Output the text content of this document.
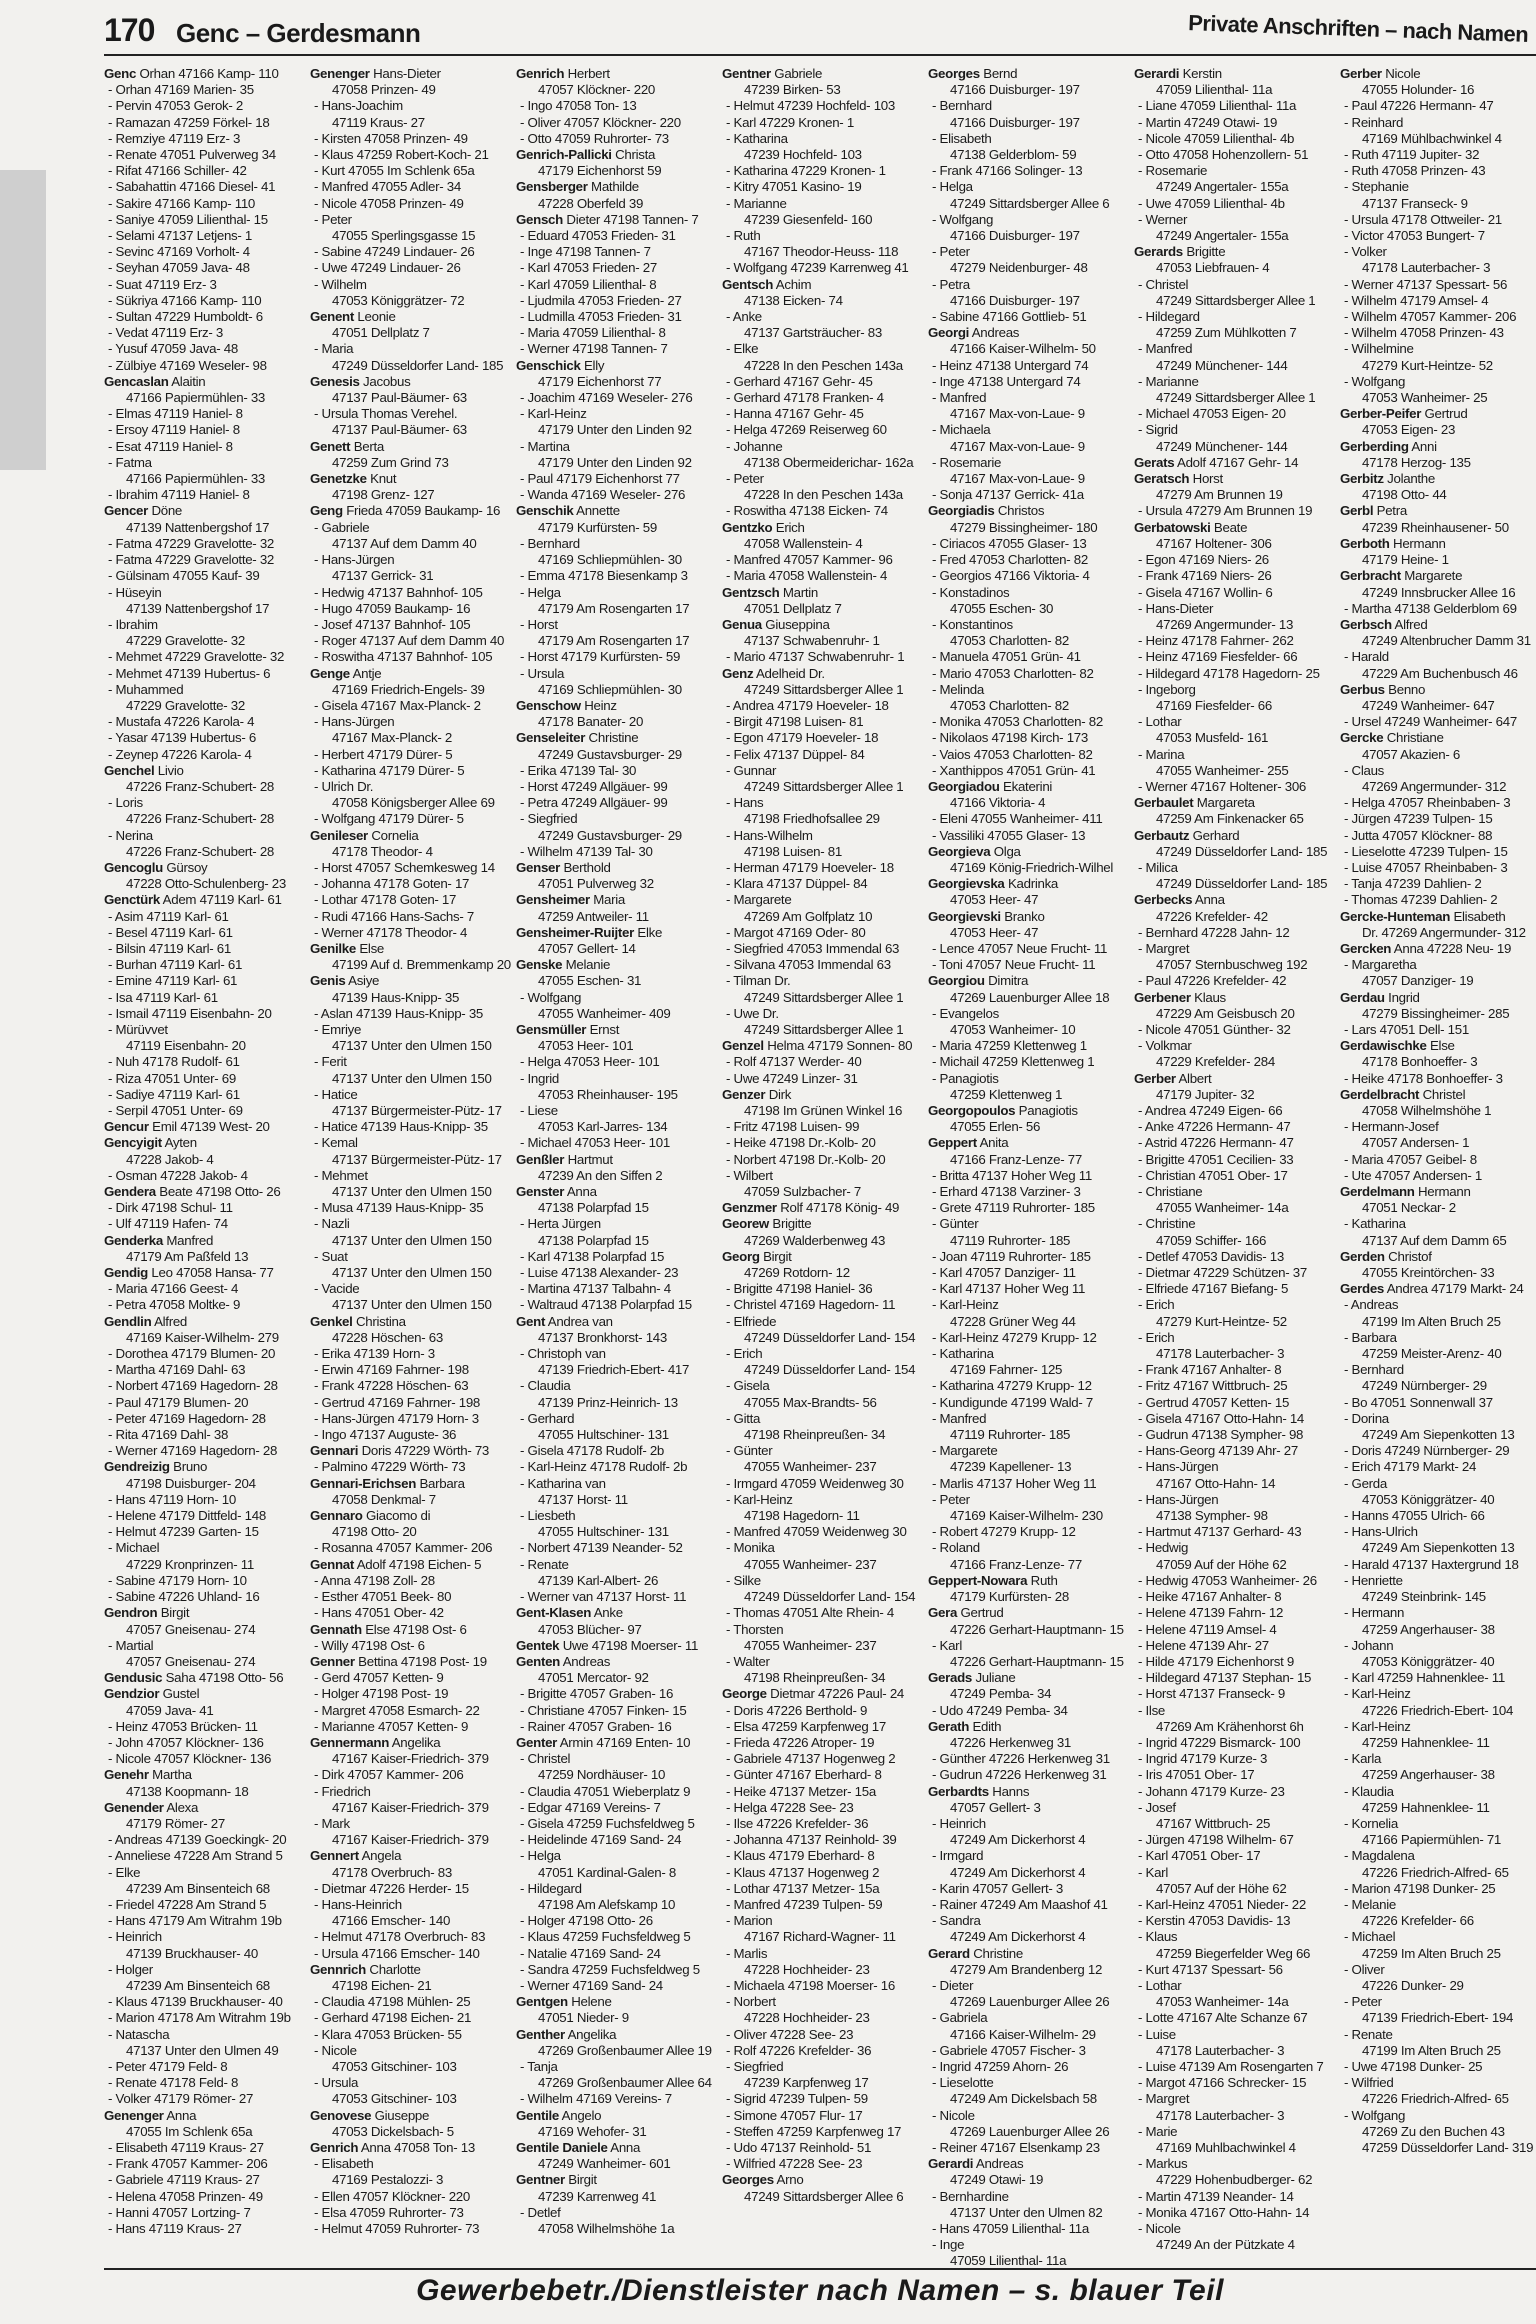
170 Genc – Gerdesmann	Private Anschriften – nach Namen
Genc Orhan 47166 Kamp- 110
- Orhan 47169 Marien- 35
- Pervin 47053 Gerok- 2
- Ramazan 47259 Förkel- 18
- Remziye 47119 Erz- 3
- Renate 47051 Pulverweg 34
- Rifat 47166 Schiller- 42
- Sabahattin 47166 Diesel- 41
- Sakire 47166 Kamp- 110
- Saniye 47059 Lilienthal- 15
- Selami 47137 Letjens- 1
- Sevinc 47169 Vorholt- 4
- Seyhan 47059 Java- 48
- Suat 47119 Erz- 3
- Sükriya 47166 Kamp- 110
- Sultan 47229 Humboldt- 6
- Vedat 47119 Erz- 3
- Yusuf 47059 Java- 48
- Zülbiye 47169 Weseler- 98
Gencaslan Alaitin
47166 Papiermühlen- 33
- Elmas 47119 Haniel- 8
- Ersoy 47119 Haniel- 8
- Esat 47119 Haniel- 8
- Fatma
47166 Papiermühlen- 33
- Ibrahim 47119 Haniel- 8
Gencer Döne
47139 Nattenbergshof 17
- Fatma 47229 Gravelotte- 32
- Fatma 47229 Gravelotte- 32
- Gülsinam 47055 Kauf- 39
- Hüseyin
47139 Nattenbergshof 17
- Ibrahim
47229 Gravelotte- 32
- Mehmet 47229 Gravelotte- 32
- Mehmet 47139 Hubertus- 6
- Muhammed
47229 Gravelotte- 32
- Mustafa 47226 Karola- 4
- Yasar 47139 Hubertus- 6
- Zeynep 47226 Karola- 4
Genchel Livio
47226 Franz-Schubert- 28
- Loris
47226 Franz-Schubert- 28
- Nerina
47226 Franz-Schubert- 28
Gencoglu Gürsoy
47228 Otto-Schulenberg- 23
Genctürk Adem 47119 Karl- 61
- Asim 47119 Karl- 61
- Besel 47119 Karl- 61
- Bilsin 47119 Karl- 61
- Burhan 47119 Karl- 61
- Emine 47119 Karl- 61
- Isa 47119 Karl- 61
- Ismail 47119 Eisenbahn- 20
- Mürüvvet
47119 Eisenbahn- 20
- Nuh 47178 Rudolf- 61
- Riza 47051 Unter- 69
- Sadiye 47119 Karl- 61
- Serpil 47051 Unter- 69
Gencur Emil 47139 West- 20
Gencyigit Ayten
47228 Jakob- 4
- Osman 47228 Jakob- 4
Gendera Beate 47198 Otto- 26
- Dirk 47198 Schul- 11
- Ulf 47119 Hafen- 74
Genderka Manfred
47179 Am Paßfeld 13
Gendig Leo 47058 Hansa- 77
- Maria 47166 Geest- 4
- Petra 47058 Moltke- 9
Gendlin Alfred
47169 Kaiser-Wilhelm- 279
- Dorothea 47179 Blumen- 20
- Martha 47169 Dahl- 63
- Norbert 47169 Hagedorn- 28
- Paul 47179 Blumen- 20
- Peter 47169 Hagedorn- 28
- Rita 47169 Dahl- 38
- Werner 47169 Hagedorn- 28
Gendreizig Bruno
47198 Duisburger- 204
- Hans 47119 Horn- 10
- Helene 47179 Dittfeld- 148
- Helmut 47239 Garten- 15
- Michael
47229 Kronprinzen- 11
- Sabine 47179 Horn- 10
- Sabine 47226 Uhland- 16
Gendron Birgit
47057 Gneisenau- 274
- Martial
47057 Gneisenau- 274
Gendusic Saha 47198 Otto- 56
Gendzior Gustel
47059 Java- 41
- Heinz 47053 Brücken- 11
- John 47057 Klöckner- 136
- Nicole 47057 Klöckner- 136
Genehr Martha
47138 Koopmann- 18
Genender Alexa
47179 Römer- 27
- Andreas 47139 Goeckingk- 20
- Anneliese 47228 Am Strand 5
- Elke
47239 Am Binsenteich 68
- Friedel 47228 Am Strand 5
- Hans 47179 Am Witrahm 19b
- Heinrich
47139 Bruckhauser- 40
- Holger
47239 Am Binsenteich 68
- Klaus 47139 Bruckhauser- 40
- Marion 47178 Am Witrahm 19b
- Natascha
47137 Unter den Ulmen 49
- Peter 47179 Feld- 8
- Renate 47178 Feld- 8
- Volker 47179 Römer- 27
Genenger Anna
47055 Im Schlenk 65a
- Elisabeth 47119 Kraus- 27
- Frank 47057 Kammer- 206
- Gabriele 47119 Kraus- 27
- Helena 47058 Prinzen- 49
- Hanni 47057 Lortzing- 7
- Hans 47119 Kraus- 27
Genenger Hans-Dieter
47058 Prinzen- 49
- Hans-Joachim
47119 Kraus- 27
- Kirsten 47058 Prinzen- 49
- Klaus 47259 Robert-Koch- 21
- Kurt 47055 Im Schlenk 65a
- Manfred 47055 Adler- 34
- Nicole 47058 Prinzen- 49
- Peter
47055 Sperlingsgasse 15
- Sabine 47249 Lindauer- 26
- Uwe 47249 Lindauer- 26
- Wilhelm
47053 Königgrätzer- 72
Genent Leonie
47051 Dellplatz 7
- Maria
47249 Düsseldorfer Land- 185
Genesis Jacobus
47137 Paul-Bäumer- 63
- Ursula Thomas Verehel.
47137 Paul-Bäumer- 63
Genett Berta
47259 Zum Grind 73
Genetzke Knut
47198 Grenz- 127
Geng Frieda 47059 Baukamp- 16
- Gabriele
47137 Auf dem Damm 40
- Hans-Jürgen
47137 Gerrick- 31
- Hedwig 47137 Bahnhof- 105
- Hugo 47059 Baukamp- 16
- Josef 47137 Bahnhof- 105
- Roger 47137 Auf dem Damm 40
- Roswitha 47137 Bahnhof- 105
Genge Antje
47169 Friedrich-Engels- 39
- Gisela 47167 Max-Planck- 2
- Hans-Jürgen
47167 Max-Planck- 2
- Herbert 47179 Dürer- 5
- Katharina 47179 Dürer- 5
- Ulrich Dr.
47058 Königsberger Allee 69
- Wolfgang 47179 Dürer- 5
Genileser Cornelia
47178 Theodor- 4
- Horst 47057 Schemkesweg 14
- Johanna 47178 Goten- 17
- Lothar 47178 Goten- 17
- Rudi 47166 Hans-Sachs- 7
- Werner 47178 Theodor- 4
Genilke Else
47199 Auf d. Bremmenkamp 20
Genis Asiye
47139 Haus-Knipp- 35
- Aslan 47139 Haus-Knipp- 35
- Emriye
47137 Unter den Ulmen 150
- Ferit
47137 Unter den Ulmen 150
- Hatice
47137 Bürgermeister-Pütz- 17
- Hatice 47139 Haus-Knipp- 35
- Kemal
47137 Bürgermeister-Pütz- 17
- Mehmet
47137 Unter den Ulmen 150
- Musa 47139 Haus-Knipp- 35
- Nazli
47137 Unter den Ulmen 150
- Suat
47137 Unter den Ulmen 150
- Vacide
47137 Unter den Ulmen 150
Genkel Christina
47228 Höschen- 63
- Erika 47139 Horn- 3
- Erwin 47169 Fahrner- 198
- Frank 47228 Höschen- 63
- Gertrud 47169 Fahrner- 198
- Hans-Jürgen 47179 Horn- 3
- Ingo 47137 Auguste- 36
Gennari Doris 47229 Wörth- 73
- Palmino 47229 Wörth- 73
Gennari-Erichsen Barbara
47058 Denkmal- 7
Gennaro Giacomo di
47198 Otto- 20
- Rosanna 47057 Kammer- 206
Gennat Adolf 47198 Eichen- 5
- Anna 47198 Zoll- 28
- Esther 47051 Beek- 80
- Hans 47051 Ober- 42
Gennath Else 47198 Ost- 6
- Willy 47198 Ost- 6
Genner Bettina 47198 Post- 19
- Gerd 47057 Ketten- 9
- Holger 47198 Post- 19
- Margret 47058 Esmarch- 22
- Marianne 47057 Ketten- 9
Gennermann Angelika
47167 Kaiser-Friedrich- 379
- Dirk 47057 Kammer- 206
- Friedrich
47167 Kaiser-Friedrich- 379
- Mark
47167 Kaiser-Friedrich- 379
Gennert Angela
47178 Overbruch- 83
- Dietmar 47226 Herder- 15
- Hans-Heinrich
47166 Emscher- 140
- Helmut 47178 Overbruch- 83
- Ursula 47166 Emscher- 140
Gennrich Charlotte
47198 Eichen- 21
- Claudia 47198 Mühlen- 25
- Gerhard 47198 Eichen- 21
- Klara 47053 Brücken- 55
- Nicole
47053 Gitschiner- 103
- Ursula
47053 Gitschiner- 103
Genovese Giuseppe
47053 Dickelsbach- 5
Genrich Anna 47058 Ton- 13
- Elisabeth
47169 Pestalozzi- 3
- Ellen 47057 Klöckner- 220
- Elsa 47059 Ruhrorter- 73
- Helmut 47059 Ruhrorter- 73
Genrich Herbert
47057 Klöckner- 220
- Ingo 47058 Ton- 13
- Oliver 47057 Klöckner- 220
- Otto 47059 Ruhrorter- 73
Genrich-Pallicki Christa
47179 Eichenhorst 59
Gensberger Mathilde
47228 Oberfeld 39
Gensch Dieter 47198 Tannen- 7
- Eduard 47053 Frieden- 31
- Inge 47198 Tannen- 7
- Karl 47053 Frieden- 27
- Karl 47059 Lilienthal- 8
- Ljudmila 47053 Frieden- 27
- Ludmilla 47053 Frieden- 31
- Maria 47059 Lilienthal- 8
- Werner 47198 Tannen- 7
Genschick Elly
47179 Eichenhorst 77
- Joachim 47169 Weseler- 276
- Karl-Heinz
47179 Unter den Linden 92
- Martina
47179 Unter den Linden 92
- Paul 47179 Eichenhorst 77
- Wanda 47169 Weseler- 276
Genschik Annette
47179 Kurfürsten- 59
- Bernhard
47169 Schliepmühlen- 30
- Emma 47178 Biesenkamp 3
- Helga
47179 Am Rosengarten 17
- Horst
47179 Am Rosengarten 17
- Horst 47179 Kurfürsten- 59
- Ursula
47169 Schliepmühlen- 30
Genschow Heinz
47178 Banater- 20
Genseleiter Christine
47249 Gustavsburger- 29
- Erika 47139 Tal- 30
- Horst 47249 Allgäuer- 99
- Petra 47249 Allgäuer- 99
- Siegfried
47249 Gustavsburger- 29
- Wilhelm 47139 Tal- 30
Genser Berthold
47051 Pulverweg 32
Gensheimer Maria
47259 Antweiler- 11
Gensheimer-Ruijter Elke
47057 Gellert- 14
Genske Melanie
47055 Eschen- 31
- Wolfgang
47055 Wanheimer- 409
Gensmüller Ernst
47053 Heer- 101
- Helga 47053 Heer- 101
- Ingrid
47053 Rheinhauser- 195
- Liese
47053 Karl-Jarres- 134
- Michael 47053 Heer- 101
Genßler Hartmut
47239 An den Siffen 2
Genster Anna
47138 Polarpfad 15
- Herta Jürgen
47138 Polarpfad 15
- Karl 47138 Polarpfad 15
- Luise 47138 Alexander- 23
- Martina 47137 Talbahn- 4
- Waltraud 47138 Polarpfad 15
Gent Andrea van
47137 Bronkhorst- 143
- Christoph van
47139 Friedrich-Ebert- 417
- Claudia
47139 Prinz-Heinrich- 13
- Gerhard
47055 Hultschiner- 131
- Gisela 47178 Rudolf- 2b
- Karl-Heinz 47178 Rudolf- 2b
- Katharina van
47137 Horst- 11
- Liesbeth
47055 Hultschiner- 131
- Norbert 47139 Neander- 52
- Renate
47139 Karl-Albert- 26
- Werner van 47137 Horst- 11
Gent-Klasen Anke
47053 Blücher- 97
Gentek Uwe 47198 Moerser- 11
Genten Andreas
47051 Mercator- 92
- Brigitte 47057 Graben- 16
- Christiane 47057 Finken- 15
- Rainer 47057 Graben- 16
Genter Armin 47169 Enten- 10
- Christel
47259 Nordhäuser- 10
- Claudia 47051 Wieberplatz 9
- Edgar 47169 Vereins- 7
- Gisela 47259 Fuchsfeldweg 5
- Heidelinde 47169 Sand- 24
- Helga
47051 Kardinal-Galen- 8
- Hildegard
47198 Am Alefskamp 10
- Holger 47198 Otto- 26
- Klaus 47259 Fuchsfeldweg 5
- Natalie 47169 Sand- 24
- Sandra 47259 Fuchsfeldweg 5
- Werner 47169 Sand- 24
Gentgen Helene
47051 Nieder- 9
Genther Angelika
47269 Großenbaumer Allee 19
- Tanja
47269 Großenbaumer Allee 64
- Wilhelm 47169 Vereins- 7
Gentile Angelo
47169 Wehofer- 31
Gentile Daniele Anna
47249 Wanheimer- 601
Gentner Birgit
47239 Karrenweg 41
- Detlef
47058 Wilhelmshöhe 1a
Gentner Gabriele
47239 Birken- 53
- Helmut 47239 Hochfeld- 103
- Karl 47229 Kronen- 1
- Katharina
47239 Hochfeld- 103
- Katharina 47229 Kronen- 1
- Kitry 47051 Kasino- 19
- Marianne
47239 Giesenfeld- 160
- Ruth
47167 Theodor-Heuss- 118
- Wolfgang 47239 Karrenweg 41
Gentsch Achim
47138 Eicken- 74
- Anke
47137 Gartsträucher- 83
- Elke
47228 In den Peschen 143a
- Gerhard 47167 Gehr- 45
- Gerhard 47178 Franken- 4
- Hanna 47167 Gehr- 45
- Helga 47269 Reiserweg 60
- Johanne
47138 Obermeiderichar- 162a
- Peter
47228 In den Peschen 143a
- Roswitha 47138 Eicken- 74
Gentzko Erich
47058 Wallenstein- 4
- Manfred 47057 Kammer- 96
- Maria 47058 Wallenstein- 4
Gentzsch Martin
47051 Dellplatz 7
Genua Giuseppina
47137 Schwabenruhr- 1
- Mario 47137 Schwabenruhr- 1
Genz Adelheid Dr.
47249 Sittardsberger Allee 1
- Andrea 47179 Hoeveler- 18
- Birgit 47198 Luisen- 81
- Egon 47179 Hoeveler- 18
- Felix 47137 Düppel- 84
- Gunnar
47249 Sittardsberger Allee 1
- Hans
47198 Friedhofsallee 29
- Hans-Wilhelm
47198 Luisen- 81
- Herman 47179 Hoeveler- 18
- Klara 47137 Düppel- 84
- Margarete
47269 Am Golfplatz 10
- Margot 47169 Oder- 80
- Siegfried 47053 Immendal 63
- Silvana 47053 Immendal 63
- Tilman Dr.
47249 Sittardsberger Allee 1
- Uwe Dr.
47249 Sittardsberger Allee 1
Genzel Helma 47179 Sonnen- 80
- Rolf 47137 Werder- 40
- Uwe 47249 Linzer- 31
Genzer Dirk
47198 Im Grünen Winkel 16
- Fritz 47198 Luisen- 99
- Heike 47198 Dr.-Kolb- 20
- Norbert 47198 Dr.-Kolb- 20
- Wilbert
47059 Sulzbacher- 7
Genzmer Rolf 47178 König- 49
Georew Brigitte
47269 Walderbenweg 43
Georg Birgit
47269 Rotdorn- 12
- Brigitte 47198 Haniel- 36
- Christel 47169 Hagedorn- 11
- Elfriede
47249 Düsseldorfer Land- 154
- Erich
47249 Düsseldorfer Land- 154
- Gisela
47055 Max-Brandts- 56
- Gitta
47198 Rheinpreußen- 34
- Günter
47055 Wanheimer- 237
- Irmgard 47059 Weidenweg 30
- Karl-Heinz
47198 Hagedorn- 11
- Manfred 47059 Weidenweg 30
- Monika
47055 Wanheimer- 237
- Silke
47249 Düsseldorfer Land- 154
- Thomas 47051 Alte Rhein- 4
- Thorsten
47055 Wanheimer- 237
- Walter
47198 Rheinpreußen- 34
George Dietmar 47226 Paul- 24
- Doris 47226 Berthold- 9
- Elsa 47259 Karpfenweg 17
- Frieda 47226 Atroper- 19
- Gabriele 47137 Hogenweg 2
- Günter 47167 Eberhard- 8
- Heike 47137 Metzer- 15a
- Helga 47228 See- 23
- Ilse 47226 Krefelder- 36
- Johanna 47137 Reinhold- 39
- Klaus 47179 Eberhard- 8
- Klaus 47137 Hogenweg 2
- Lothar 47137 Metzer- 15a
- Manfred 47239 Tulpen- 59
- Marion
47167 Richard-Wagner- 11
- Marlis
47228 Hochheider- 23
- Michaela 47198 Moerser- 16
- Norbert
47228 Hochheider- 23
- Oliver 47228 See- 23
- Rolf 47226 Krefelder- 36
- Siegfried
47239 Karpfenweg 17
- Sigrid 47239 Tulpen- 59
- Simone 47057 Flur- 17
- Steffen 47259 Karpfenweg 17
- Udo 47137 Reinhold- 51
- Wilfried 47228 See- 23
Georges Arno
47249 Sittardsberger Allee 6
Georges Bernd
47166 Duisburger- 197
- Bernhard
47166 Duisburger- 197
- Elisabeth
47138 Gelderblom- 59
- Frank 47166 Solinger- 13
- Helga
47249 Sittardsberger Allee 6
- Wolfgang
47166 Duisburger- 197
- Peter
47279 Neidenburger- 48
- Petra
47166 Duisburger- 197
- Sabine 47166 Gottlieb- 51
Georgi Andreas
47166 Kaiser-Wilhelm- 50
- Heinz 47138 Untergard 74
- Inge 47138 Untergard 74
- Manfred
47167 Max-von-Laue- 9
- Michaela
47167 Max-von-Laue- 9
- Rosemarie
47167 Max-von-Laue- 9
- Sonja 47137 Gerrick- 41a
Georgiadis Christos
47279 Bissingheimer- 180
- Ciriacos 47055 Glaser- 13
- Fred 47053 Charlotten- 82
- Georgios 47166 Viktoria- 4
- Konstadinos
47055 Eschen- 30
- Konstantinos
47053 Charlotten- 82
- Manuela 47051 Grün- 41
- Mario 47053 Charlotten- 82
- Melinda
47053 Charlotten- 82
- Monika 47053 Charlotten- 82
- Nikolaos 47198 Kirch- 173
- Vaios 47053 Charlotten- 82
- Xanthippos 47051 Grün- 41
Georgiadou Ekaterini
47166 Viktoria- 4
- Eleni 47055 Wanheimer- 411
- Vassiliki 47055 Glaser- 13
Georgieva Olga
47169 König-Friedrich-Wilhel
Georgievska Kadrinka
47053 Heer- 47
Georgievski Branko
47053 Heer- 47
- Lence 47057 Neue Frucht- 11
- Toni 47057 Neue Frucht- 11
Georgiou Dimitra
47269 Lauenburger Allee 18
- Evangelos
47053 Wanheimer- 10
- Maria 47259 Klettenweg 1
- Michail 47259 Klettenweg 1
- Panagiotis
47259 Klettenweg 1
Georgopoulos Panagiotis
47055 Erlen- 56
Geppert Anita
47166 Franz-Lenze- 77
- Britta 47137 Hoher Weg 11
- Erhard 47138 Varziner- 3
- Grete 47119 Ruhrorter- 185
- Günter
47119 Ruhrorter- 185
- Joan 47119 Ruhrorter- 185
- Karl 47057 Danziger- 11
- Karl 47137 Hoher Weg 11
- Karl-Heinz
47228 Grüner Weg 44
- Karl-Heinz 47279 Krupp- 12
- Katharina
47169 Fahrner- 125
- Katharina 47279 Krupp- 12
- Kundigunde 47199 Wald- 7
- Manfred
47119 Ruhrorter- 185
- Margarete
47239 Kapellener- 13
- Marlis 47137 Hoher Weg 11
- Peter
47169 Kaiser-Wilhelm- 230
- Robert 47279 Krupp- 12
- Roland
47166 Franz-Lenze- 77
Geppert-Nowara Ruth
47179 Kurfürsten- 28
Gera Gertrud
47226 Gerhart-Hauptmann- 15
- Karl
47226 Gerhart-Hauptmann- 15
Gerads Juliane
47249 Pemba- 34
- Udo 47249 Pemba- 34
Gerath Edith
47226 Herkenweg 31
- Günther 47226 Herkenweg 31
- Gudrun 47226 Herkenweg 31
Gerbardts Hanns
47057 Gellert- 3
- Heinrich
47249 Am Dickerhorst 4
- Irmgard
47249 Am Dickerhorst 4
- Karin 47057 Gellert- 3
- Rainer 47249 Am Maashof 41
- Sandra
47249 Am Dickerhorst 4
Gerard Christine
47279 Am Brandenberg 12
- Dieter
47269 Lauenburger Allee 26
- Gabriela
47166 Kaiser-Wilhelm- 29
- Gabriele 47057 Fischer- 3
- Ingrid 47259 Ahorn- 26
- Lieselotte
47249 Am Dickelsbach 58
- Nicole
47269 Lauenburger Allee 26
- Reiner 47167 Elsenkamp 23
Gerardi Andreas
47249 Otawi- 19
- Bernhardine
47137 Unter den Ulmen 82
- Hans 47059 Lilienthal- 11a
- Inge
47059 Lilienthal- 11a
Gerardi Kerstin
47059 Lilienthal- 11a
- Liane 47059 Lilienthal- 11a
- Martin 47249 Otawi- 19
- Nicole 47059 Lilienthal- 4b
- Otto 47058 Hohenzollern- 51
- Rosemarie
47249 Angertaler- 155a
- Uwe 47059 Lilienthal- 4b
- Werner
47249 Angertaler- 155a
Gerards Brigitte
47053 Liebfrauen- 4
- Christel
47249 Sittardsberger Allee 1
- Hildegard
47259 Zum Mühlkotten 7
- Manfred
47249 Münchener- 144
- Marianne
47249 Sittardsberger Allee 1
- Michael 47053 Eigen- 20
- Sigrid
47249 Münchener- 144
Gerats Adolf 47167 Gehr- 14
Geratsch Horst
47279 Am Brunnen 19
- Ursula 47279 Am Brunnen 19
Gerbatowski Beate
47167 Holtener- 306
- Egon 47169 Niers- 26
- Frank 47169 Niers- 26
- Gisela 47167 Wollin- 6
- Hans-Dieter
47269 Angermunder- 13
- Heinz 47178 Fahrner- 262
- Heinz 47169 Fiesfelder- 66
- Hildegard 47178 Hagedorn- 25
- Ingeborg
47169 Fiesfelder- 66
- Lothar
47053 Musfeld- 161
- Marina
47055 Wanheimer- 255
- Werner 47167 Holtener- 306
Gerbaulet Margareta
47259 Am Finkenacker 65
Gerbautz Gerhard
47249 Düsseldorfer Land- 185
- Milica
47249 Düsseldorfer Land- 185
Gerbecks Anna
47226 Krefelder- 42
- Bernhard 47228 Jahn- 12
- Margret
47057 Sternbuschweg 192
- Paul 47226 Krefelder- 42
Gerbener Klaus
47229 Am Geisbusch 20
- Nicole 47051 Günther- 32
- Volkmar
47229 Krefelder- 284
Gerber Albert
47179 Jupiter- 32
- Andrea 47249 Eigen- 66
- Anke 47226 Hermann- 47
- Astrid 47226 Hermann- 47
- Brigitte 47051 Cecilien- 33
- Christian 47051 Ober- 17
- Christiane
47055 Wanheimer- 14a
- Christine
47059 Schiffer- 166
- Detlef 47053 Davidis- 13
- Dietmar 47229 Schützen- 37
- Elfriede 47167 Biefang- 5
- Erich
47279 Kurt-Heintze- 52
- Erich
47178 Lauterbacher- 3
- Frank 47167 Anhalter- 8
- Fritz 47167 Wittbruch- 25
- Gertrud 47057 Ketten- 15
- Gisela 47167 Otto-Hahn- 14
- Gudrun 47138 Sympher- 98
- Hans-Georg 47139 Ahr- 27
- Hans-Jürgen
47167 Otto-Hahn- 14
- Hans-Jürgen
47138 Sympher- 98
- Hartmut 47137 Gerhard- 43
- Hedwig
47059 Auf der Höhe 62
- Hedwig 47053 Wanheimer- 26
- Heike 47167 Anhalter- 8
- Helene 47139 Fahrn- 12
- Helene 47119 Amsel- 4
- Helene 47139 Ahr- 27
- Hilde 47179 Eichenhorst 9
- Hildegard 47137 Stephan- 15
- Horst 47137 Franseck- 9
- Ilse
47269 Am Krähenhorst 6h
- Ingrid 47229 Bismarck- 100
- Ingrid 47179 Kurze- 3
- Iris 47051 Ober- 17
- Johann 47179 Kurze- 23
- Josef
47167 Wittbruch- 25
- Jürgen 47198 Wilhelm- 67
- Karl 47051 Ober- 17
- Karl
47057 Auf der Höhe 62
- Karl-Heinz 47051 Nieder- 22
- Kerstin 47053 Davidis- 13
- Klaus
47259 Biegerfelder Weg 66
- Kurt 47137 Spessart- 56
- Lothar
47053 Wanheimer- 14a
- Lotte 47167 Alte Schanze 67
- Luise
47178 Lauterbacher- 3
- Luise 47139 Am Rosengarten 7
- Margot 47166 Schrecker- 15
- Margret
47178 Lauterbacher- 3
- Marie
47169 Muhlbachwinkel 4
- Markus
47229 Hohenbudberger- 62
- Martin 47139 Neander- 14
- Monika 47167 Otto-Hahn- 14
- Nicole
47249 An der Pützkate 4
Gerber Nicole
47055 Holunder- 16
- Paul 47226 Hermann- 47
- Reinhard
47169 Mühlbachwinkel 4
- Ruth 47119 Jupiter- 32
- Ruth 47058 Prinzen- 43
- Stephanie
47137 Franseck- 9
- Ursula 47178 Ottweiler- 21
- Victor 47053 Bungert- 7
- Volker
47178 Lauterbacher- 3
- Werner 47137 Spessart- 56
- Wilhelm 47179 Amsel- 4
- Wilhelm 47057 Kammer- 206
- Wilhelm 47058 Prinzen- 43
- Wilhelmine
47279 Kurt-Heintze- 52
- Wolfgang
47053 Wanheimer- 25
Gerber-Peifer Gertrud
47053 Eigen- 23
Gerberding Anni
47178 Herzog- 135
Gerbitz Jolanthe
47198 Otto- 44
Gerbl Petra
47239 Rheinhausener- 50
Gerboth Hermann
47179 Heine- 1
Gerbracht Margarete
47249 Innsbrucker Allee 16
- Martha 47138 Gelderblom 69
Gerbsch Alfred
47249 Altenbrucher Damm 31
- Harald
47229 Am Buchenbusch 46
Gerbus Benno
47249 Wanheimer- 647
- Ursel 47249 Wanheimer- 647
Gercke Christiane
47057 Akazien- 6
- Claus
47269 Angermunder- 312
- Helga 47057 Rheinbaben- 3
- Jürgen 47239 Tulpen- 15
- Jutta 47057 Klöckner- 88
- Lieselotte 47239 Tulpen- 15
- Luise 47057 Rheinbaben- 3
- Tanja 47239 Dahlien- 2
- Thomas 47239 Dahlien- 2
Gercke-Hunteman Elisabeth
Dr. 47269 Angermunder- 312
Gercken Anna 47228 Neu- 19
- Margaretha
47057 Danziger- 19
Gerdau Ingrid
47279 Bissingheimer- 285
- Lars 47051 Dell- 151
Gerdawischke Else
47178 Bonhoeffer- 3
- Heike 47178 Bonhoeffer- 3
Gerdelbracht Christel
47058 Wilhelmshöhe 1
- Hermann-Josef
47057 Andersen- 1
- Maria 47057 Geibel- 8
- Ute 47057 Andersen- 1
Gerdelmann Hermann
47051 Neckar- 2
- Katharina
47137 Auf dem Damm 65
Gerden Christof
47055 Kreintörchen- 33
Gerdes Andrea 47179 Markt- 24
- Andreas
47199 Im Alten Bruch 25
- Barbara
47259 Meister-Arenz- 40
- Bernhard
47249 Nürnberger- 29
- Bo 47051 Sonnenwall 37
- Dorina
47249 Am Siepenkotten 13
- Doris 47249 Nürnberger- 29
- Erich 47179 Markt- 24
- Gerda
47053 Königgrätzer- 40
- Hanns 47055 Ulrich- 66
- Hans-Ulrich
47249 Am Siepenkotten 13
- Harald 47137 Haxtergrund 18
- Henriette
47249 Steinbrink- 145
- Hermann
47259 Angerhauser- 38
- Johann
47053 Königgrätzer- 40
- Karl 47259 Hahnenklee- 11
- Karl-Heinz
47226 Friedrich-Ebert- 104
- Karl-Heinz
47259 Hahnenklee- 11
- Karla
47259 Angerhauser- 38
- Klaudia
47259 Hahnenklee- 11
- Kornelia
47166 Papiermühlen- 71
- Magdalena
47226 Friedrich-Alfred- 65
- Marion 47198 Dunker- 25
- Melanie
47226 Krefelder- 66
- Michael
47259 Im Alten Bruch 25
- Oliver
47226 Dunker- 29
- Peter
47139 Friedrich-Ebert- 194
- Renate
47199 Im Alten Bruch 25
- Uwe 47198 Dunker- 25
- Wilfried
47226 Friedrich-Alfred- 65
- Wolfgang
47269 Zu den Buchen 43
47259 Düsseldorfer Land- 319
Gewerbebetr./Dienstleister nach Namen – s. blauer Teil
